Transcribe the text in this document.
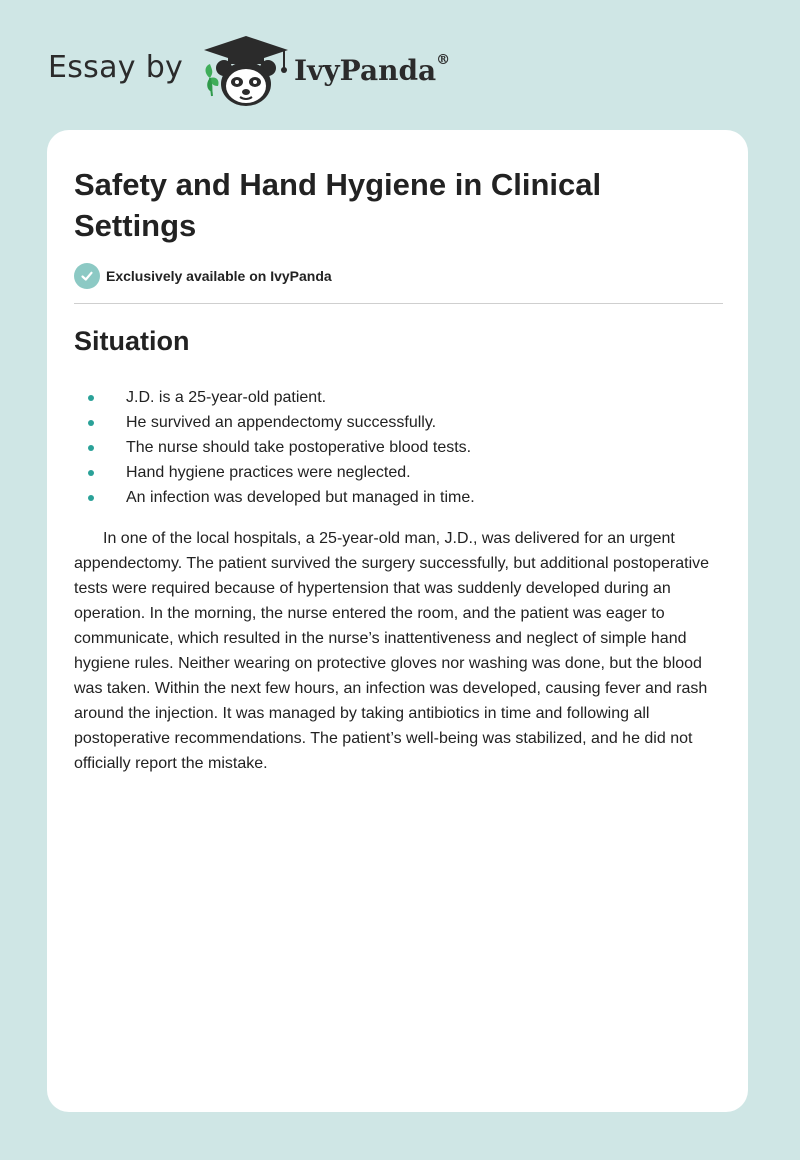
Essay by	IvyPanda®
Safety and Hand Hygiene in Clinical Settings
Exclusively available on IvyPanda
Situation
J.D. is a 25-year-old patient.
He survived an appendectomy successfully.
The nurse should take postoperative blood tests.
Hand hygiene practices were neglected.
An infection was developed but managed in time.

In one of the local hospitals, a 25-year-old man, J.D., was delivered for an urgent appendectomy. The patient survived the surgery successfully, but additional postoperative tests were required because of hypertension that was suddenly developed during an operation. In the morning, the nurse entered the room, and the patient was eager to communicate, which resulted in the nurse’s inattentiveness and neglect of simple hand hygiene rules. Neither wearing on protective gloves nor washing was done, but the blood was taken. Within the next few hours, an infection was developed, causing fever and rash around the injection. It was managed by taking antibiotics in time and following all postoperative recommendations. The patient’s well-being was stabilized, and he did not officially report the mistake.
